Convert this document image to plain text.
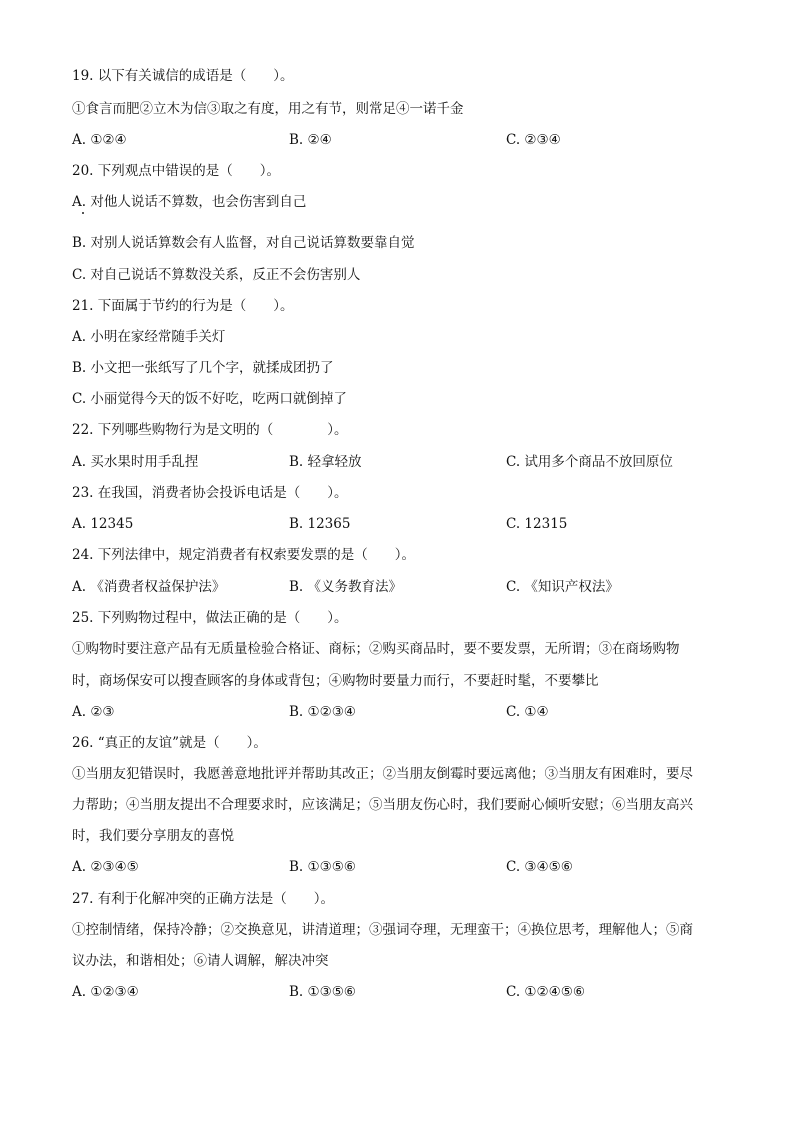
19. 以下有关诚信的成语是（　　）。
①食言而肥②立木为信③取之有度，用之有节，则常足④一诺千金
A. ①②④	B. ②④	C. ②③④
20. 下列观点中错误的是（　　）。
A. 对他人说话不算数，也会伤害到自己
B. 对别人说话算数会有人监督，对自己说话算数要靠自觉
C. 对自己说话不算数没关系，反正不会伤害别人
21. 下面属于节约的行为是（　　）。
A. 小明在家经常随手关灯
B. 小文把一张纸写了几个字，就揉成团扔了
C. 小丽觉得今天的饭不好吃，吃两口就倒掉了
22. 下列哪些购物行为是文明的（　　　　）。
A. 买水果时用手乱捏	B. 轻拿轻放	C. 试用多个商品不放回原位
23. 在我国，消费者协会投诉电话是（　　）。
A. 12345	B. 12365	C. 12315
24. 下列法律中，规定消费者有权索要发票的是（　　）。
A. 《消费者权益保护法》	B. 《义务教育法》	C. 《知识产权法》
25. 下列购物过程中，做法正确的是（　　）。
①购物时要注意产品有无质量检验合格证、商标；②购买商品时，要不要发票，无所谓；③在商场购物
时，商场保安可以搜查顾客的身体或背包；④购物时要量力而行，不要赶时髦，不要攀比
A. ②③	B. ①②③④	C. ①④
26. “真正的友谊”就是（　　）。
①当朋友犯错误时，我愿善意地批评并帮助其改正；②当朋友倒霉时要远离他；③当朋友有困难时，要尽
力帮助；④当朋友提出不合理要求时，应该满足；⑤当朋友伤心时，我们要耐心倾听安慰；⑥当朋友高兴
时，我们要分享朋友的喜悦
A. ②③④⑤	B. ①③⑤⑥	C. ③④⑤⑥
27. 有利于化解冲突的正确方法是（　　）。
①控制情绪，保持冷静；②交换意见，讲清道理；③强词夺理，无理蛮干；④换位思考，理解他人；⑤商
议办法，和谐相处；⑥请人调解，解决冲突
A. ①②③④	B. ①③⑤⑥	C. ①②④⑤⑥
